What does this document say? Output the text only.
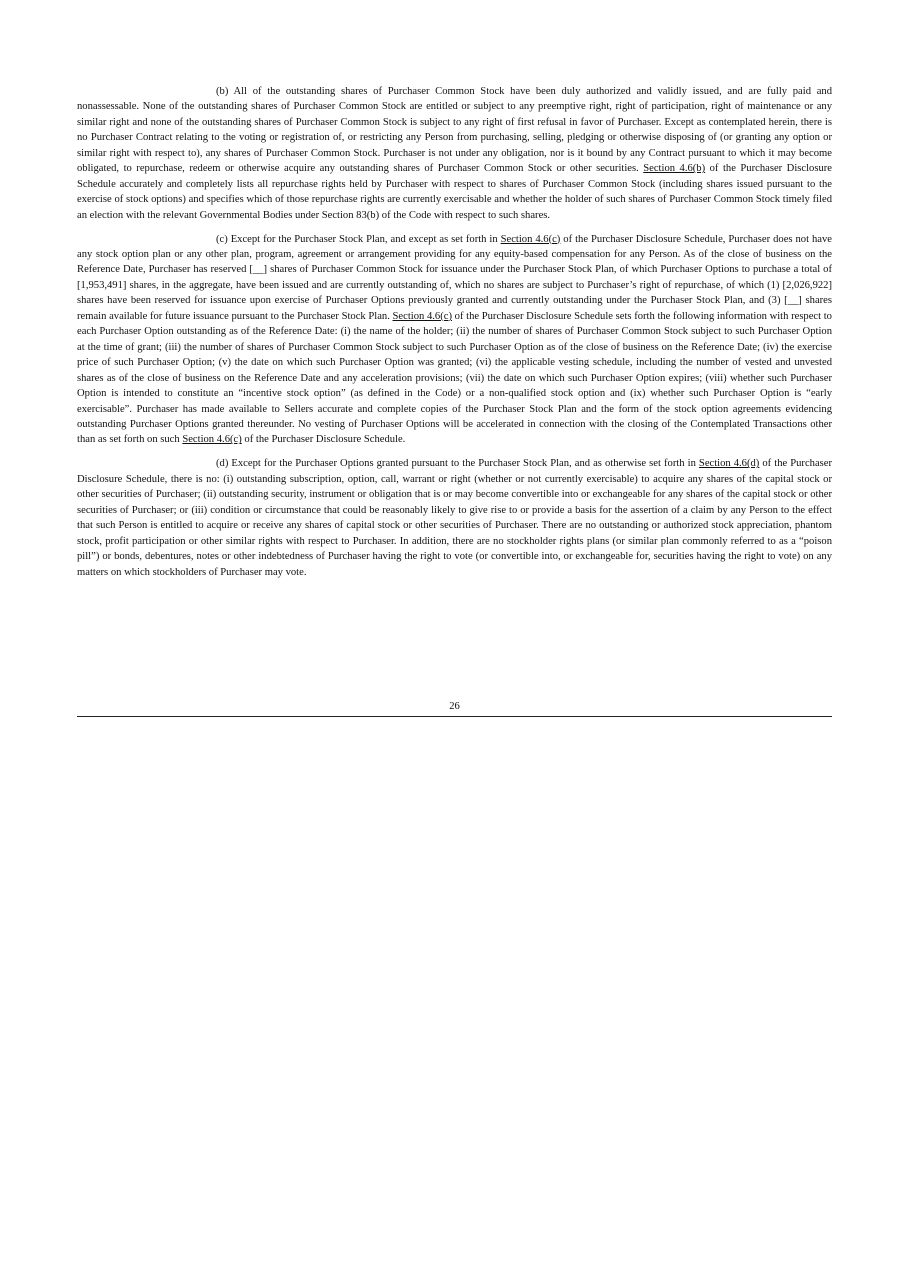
(b) All of the outstanding shares of Purchaser Common Stock have been duly authorized and validly issued, and are fully paid and nonassessable. None of the outstanding shares of Purchaser Common Stock are entitled or subject to any preemptive right, right of participation, right of maintenance or any similar right and none of the outstanding shares of Purchaser Common Stock is subject to any right of first refusal in favor of Purchaser. Except as contemplated herein, there is no Purchaser Contract relating to the voting or registration of, or restricting any Person from purchasing, selling, pledging or otherwise disposing of (or granting any option or similar right with respect to), any shares of Purchaser Common Stock. Purchaser is not under any obligation, nor is it bound by any Contract pursuant to which it may become obligated, to repurchase, redeem or otherwise acquire any outstanding shares of Purchaser Common Stock or other securities. Section 4.6(b) of the Purchaser Disclosure Schedule accurately and completely lists all repurchase rights held by Purchaser with respect to shares of Purchaser Common Stock (including shares issued pursuant to the exercise of stock options) and specifies which of those repurchase rights are currently exercisable and whether the holder of such shares of Purchaser Common Stock timely filed an election with the relevant Governmental Bodies under Section 83(b) of the Code with respect to such shares.

(c) Except for the Purchaser Stock Plan, and except as set forth in Section 4.6(c) of the Purchaser Disclosure Schedule, Purchaser does not have any stock option plan or any other plan, program, agreement or arrangement providing for any equity-based compensation for any Person. As of the close of business on the Reference Date, Purchaser has reserved [__] shares of Purchaser Common Stock for issuance under the Purchaser Stock Plan, of which Purchaser Options to purchase a total of [1,953,491] shares, in the aggregate, have been issued and are currently outstanding of, which no shares are subject to Purchaser’s right of repurchase, of which (1) [2,026,922] shares have been reserved for issuance upon exercise of Purchaser Options previously granted and currently outstanding under the Purchaser Stock Plan, and (3) [__] shares remain available for future issuance pursuant to the Purchaser Stock Plan. Section 4.6(c) of the Purchaser Disclosure Schedule sets forth the following information with respect to each Purchaser Option outstanding as of the Reference Date: (i) the name of the holder; (ii) the number of shares of Purchaser Common Stock subject to such Purchaser Option at the time of grant; (iii) the number of shares of Purchaser Common Stock subject to such Purchaser Option as of the close of business on the Reference Date; (iv) the exercise price of such Purchaser Option; (v) the date on which such Purchaser Option was granted; (vi) the applicable vesting schedule, including the number of vested and unvested shares as of the close of business on the Reference Date and any acceleration provisions; (vii) the date on which such Purchaser Option expires; (viii) whether such Purchaser Option is intended to constitute an “incentive stock option” (as defined in the Code) or a non-qualified stock option and (ix) whether such Purchaser Option is “early exercisable”. Purchaser has made available to Sellers accurate and complete copies of the Purchaser Stock Plan and the form of the stock option agreements evidencing outstanding Purchaser Options granted thereunder. No vesting of Purchaser Options will be accelerated in connection with the closing of the Contemplated Transactions other than as set forth on such Section 4.6(c) of the Purchaser Disclosure Schedule.

(d) Except for the Purchaser Options granted pursuant to the Purchaser Stock Plan, and as otherwise set forth in Section 4.6(d) of the Purchaser Disclosure Schedule, there is no: (i) outstanding subscription, option, call, warrant or right (whether or not currently exercisable) to acquire any shares of the capital stock or other securities of Purchaser; (ii) outstanding security, instrument or obligation that is or may become convertible into or exchangeable for any shares of the capital stock or other securities of Purchaser; or (iii) condition or circumstance that could be reasonably likely to give rise to or provide a basis for the assertion of a claim by any Person to the effect that such Person is entitled to acquire or receive any shares of capital stock or other securities of Purchaser. There are no outstanding or authorized stock appreciation, phantom stock, profit participation or other similar rights with respect to Purchaser. In addition, there are no stockholder rights plans (or similar plan commonly referred to as a “poison pill”) or bonds, debentures, notes or other indebtedness of Purchaser having the right to vote (or convertible into, or exchangeable for, securities having the right to vote) on any matters on which stockholders of Purchaser may vote.

26
